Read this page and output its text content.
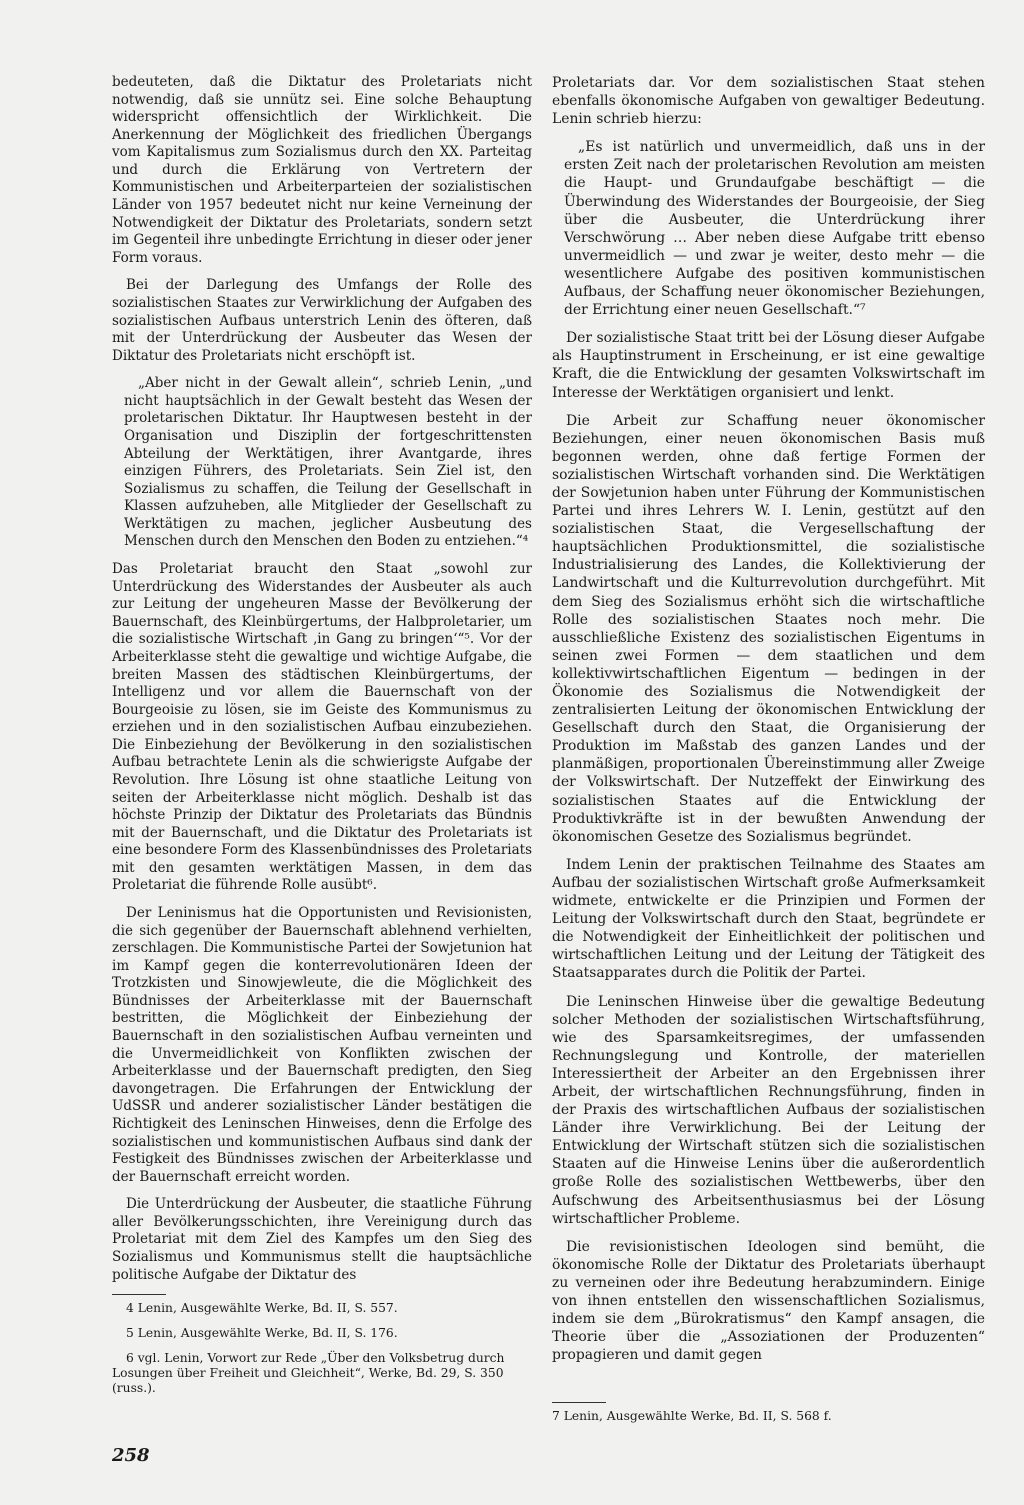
bedeuteten, daß die Diktatur des Proletariats nicht notwendig, daß sie unnütz sei. Eine solche Behauptung widerspricht offensichtlich der Wirklichkeit. Die Anerkennung der Möglichkeit des friedlichen Übergangs vom Kapitalismus zum Sozialismus durch den XX. Parteitag und durch die Erklärung von Vertretern der Kommunistischen und Arbeiterparteien der sozialistischen Länder von 1957 bedeutet nicht nur keine Verneinung der Notwendigkeit der Diktatur des Proletariats, sondern setzt im Gegenteil ihre unbedingte Errichtung in dieser oder jener Form voraus.

Bei der Darlegung des Umfangs der Rolle des sozialistischen Staates zur Verwirklichung der Aufgaben des sozialistischen Aufbaus unterstrich Lenin des öfteren, daß mit der Unterdrückung der Ausbeuter das Wesen der Diktatur des Proletariats nicht erschöpft ist.

„Aber nicht in der Gewalt allein“, schrieb Lenin, „und nicht hauptsächlich in der Gewalt besteht das Wesen der proletarischen Diktatur. Ihr Hauptwesen besteht in der Organisation und Disziplin der fortgeschrittensten Abteilung der Werktätigen, ihrer Avantgarde, ihres einzigen Führers, des Proletariats. Sein Ziel ist, den Sozialismus zu schaffen, die Teilung der Gesellschaft in Klassen aufzuheben, alle Mitglieder der Gesellschaft zu Werktätigen zu machen, jeglicher Ausbeutung des Menschen durch den Menschen den Boden zu entziehen.“⁴

Das Proletariat braucht den Staat „sowohl zur Unterdrückung des Widerstandes der Ausbeuter als auch zur Leitung der ungeheuren Masse der Bevölkerung der Bauernschaft, des Kleinbürgertums, der Halbproletarier, um die sozialistische Wirtschaft ‚in Gang zu bringen‘“⁵. Vor der Arbeiterklasse steht die gewaltige und wichtige Aufgabe, die breiten Massen des städtischen Kleinbürgertums, der Intelligenz und vor allem die Bauernschaft von der Bourgeoisie zu lösen, sie im Geiste des Kommunismus zu erziehen und in den sozialistischen Aufbau einzubeziehen. Die Einbeziehung der Bevölkerung in den sozialistischen Aufbau betrachtete Lenin als die schwierigste Aufgabe der Revolution. Ihre Lösung ist ohne staatliche Leitung von seiten der Arbeiterklasse nicht möglich. Deshalb ist das höchste Prinzip der Diktatur des Proletariats das Bündnis mit der Bauernschaft, und die Diktatur des Proletariats ist eine besondere Form des Klassenbündnisses des Proletariats mit den gesamten werktätigen Massen, in dem das Proletariat die führende Rolle ausübt⁶.

Der Leninismus hat die Opportunisten und Revisionisten, die sich gegenüber der Bauernschaft ablehnend verhielten, zerschlagen. Die Kommunistische Partei der Sowjetunion hat im Kampf gegen die konterrevolutionären Ideen der Trotzkisten und Sinowjewleute, die die Möglichkeit des Bündnisses der Arbeiterklasse mit der Bauernschaft bestritten, die Möglichkeit der Einbeziehung der Bauernschaft in den sozialistischen Aufbau verneinten und die Unvermeidlichkeit von Konflikten zwischen der Arbeiterklasse und der Bauernschaft predigten, den Sieg davongetragen. Die Erfahrungen der Entwicklung der UdSSR und anderer sozialistischer Länder bestätigen die Richtigkeit des Leninschen Hinweises, denn die Erfolge des sozialistischen und kommunistischen Aufbaus sind dank der Festigkeit des Bündnisses zwischen der Arbeiterklasse und der Bauernschaft erreicht worden.

Die Unterdrückung der Ausbeuter, die staatliche Führung aller Bevölkerungsschichten, ihre Vereinigung durch das Proletariat mit dem Ziel des Kampfes um den Sieg des Sozialismus und Kommunismus stellt die hauptsächliche politische Aufgabe der Diktatur des

4 Lenin, Ausgewählte Werke, Bd. II, S. 557.

5 Lenin, Ausgewählte Werke, Bd. II, S. 176.

6 vgl. Lenin, Vorwort zur Rede „Über den Volksbetrug durch Losungen über Freiheit und Gleichheit“, Werke, Bd. 29, S. 350 (russ.).

Proletariats dar. Vor dem sozialistischen Staat stehen ebenfalls ökonomische Aufgaben von gewaltiger Bedeutung. Lenin schrieb hierzu:

„Es ist natürlich und unvermeidlich, daß uns in der ersten Zeit nach der proletarischen Revolution am meisten die Haupt- und Grundaufgabe beschäftigt — die Überwindung des Widerstandes der Bourgeoisie, der Sieg über die Ausbeuter, die Unterdrückung ihrer Verschwörung … Aber neben diese Aufgabe tritt ebenso unvermeidlich — und zwar je weiter, desto mehr — die wesentlichere Aufgabe des positiven kommunistischen Aufbaus, der Schaffung neuer ökonomischer Beziehungen, der Errichtung einer neuen Gesellschaft.“⁷

Der sozialistische Staat tritt bei der Lösung dieser Aufgabe als Hauptinstrument in Erscheinung, er ist eine gewaltige Kraft, die die Entwicklung der gesamten Volkswirtschaft im Interesse der Werktätigen organisiert und lenkt.

Die Arbeit zur Schaffung neuer ökonomischer Beziehungen, einer neuen ökonomischen Basis muß begonnen werden, ohne daß fertige Formen der sozialistischen Wirtschaft vorhanden sind. Die Werktätigen der Sowjetunion haben unter Führung der Kommunistischen Partei und ihres Lehrers W. I. Lenin, gestützt auf den sozialistischen Staat, die Vergesellschaftung der hauptsächlichen Produktionsmittel, die sozialistische Industrialisierung des Landes, die Kollektivierung der Landwirtschaft und die Kulturrevolution durchgeführt. Mit dem Sieg des Sozialismus erhöht sich die wirtschaftliche Rolle des sozialistischen Staates noch mehr. Die ausschließliche Existenz des sozialistischen Eigentums in seinen zwei Formen — dem staatlichen und dem kollektivwirtschaftlichen Eigentum — bedingen in der Ökonomie des Sozialismus die Notwendigkeit der zentralisierten Leitung der ökonomischen Entwicklung der Gesellschaft durch den Staat, die Organisierung der Produktion im Maßstab des ganzen Landes und der planmäßigen, proportionalen Übereinstimmung aller Zweige der Volkswirtschaft. Der Nutzeffekt der Einwirkung des sozialistischen Staates auf die Entwicklung der Produktivkräfte ist in der bewußten Anwendung der ökonomischen Gesetze des Sozialismus begründet.

Indem Lenin der praktischen Teilnahme des Staates am Aufbau der sozialistischen Wirtschaft große Aufmerksamkeit widmete, entwickelte er die Prinzipien und Formen der Leitung der Volkswirtschaft durch den Staat, begründete er die Notwendigkeit der Einheitlichkeit der politischen und wirtschaftlichen Leitung und der Leitung der Tätigkeit des Staatsapparates durch die Politik der Partei.

Die Leninschen Hinweise über die gewaltige Bedeutung solcher Methoden der sozialistischen Wirtschaftsführung, wie des Sparsamkeitsregimes, der umfassenden Rechnungslegung und Kontrolle, der materiellen Interessiertheit der Arbeiter an den Ergebnissen ihrer Arbeit, der wirtschaftlichen Rechnungsführung, finden in der Praxis des wirtschaftlichen Aufbaus der sozialistischen Länder ihre Verwirklichung. Bei der Leitung der Entwicklung der Wirtschaft stützen sich die sozialistischen Staaten auf die Hinweise Lenins über die außerordentlich große Rolle des sozialistischen Wettbewerbs, über den Aufschwung des Arbeitsenthusiasmus bei der Lösung wirtschaftlicher Probleme.

Die revisionistischen Ideologen sind bemüht, die ökonomische Rolle der Diktatur des Proletariats überhaupt zu verneinen oder ihre Bedeutung herabzumindern. Einige von ihnen entstellen den wissenschaftlichen Sozialismus, indem sie dem „Bürokratismus“ den Kampf ansagen, die Theorie über die „Assoziationen der Produzenten“ propagieren und damit gegen

7 Lenin, Ausgewählte Werke, Bd. II, S. 568 f.

258
